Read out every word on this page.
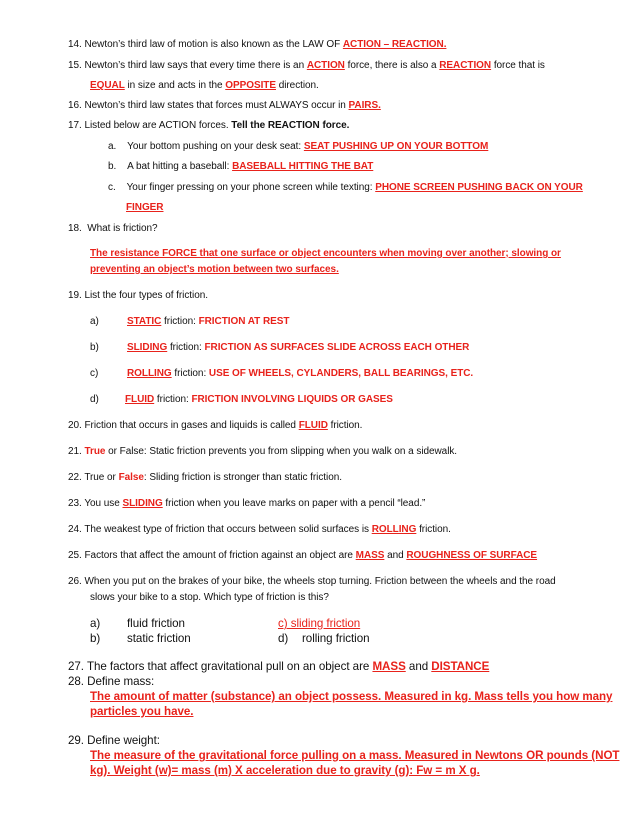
14. Newton’s third law of motion is also known as the LAW OF ACTION – REACTION.
15. Newton’s third law says that every time there is an ACTION force, there is also a REACTION force that is
EQUAL in size and acts in the OPPOSITE direction.
16. Newton’s third law states that forces must ALWAYS occur in PAIRS.
17. Listed below are ACTION forces. Tell the REACTION force.
a. Your bottom pushing on your desk seat: SEAT PUSHING UP ON YOUR BOTTOM
b. A bat hitting a baseball: BASEBALL HITTING THE BAT
c. Your finger pressing on your phone screen while texting: PHONE SCREEN PUSHING BACK ON YOUR
FINGER
18. What is friction?
The resistance FORCE that one surface or object encounters when moving over another; slowing or
preventing an object’s motion between two surfaces.
19. List the four types of friction.
a)	STATIC friction: FRICTION AT REST
b)	SLIDING friction: FRICTION AS SURFACES SLIDE ACROSS EACH OTHER
c)	ROLLING friction: USE OF WHEELS, CYLANDERS, BALL BEARINGS, ETC.
d)	FLUID friction: FRICTION INVOLVING LIQUIDS OR GASES
20. Friction that occurs in gases and liquids is called FLUID friction.
21. True or False: Static friction prevents you from slipping when you walk on a sidewalk.
22. True or False: Sliding friction is stronger than static friction.
23. You use SLIDING friction when you leave marks on paper with a pencil “lead.”
24. The weakest type of friction that occurs between solid surfaces is ROLLING friction.
25. Factors that affect the amount of friction against an object are MASS and ROUGHNESS OF SURFACE
26. When you put on the brakes of your bike, the wheels stop turning. Friction between the wheels and the road
slows your bike to a stop. Which type of friction is this?
a) fluid friction
b) static friction
c) sliding friction
d) rolling friction
27. The factors that affect gravitational pull on an object are MASS and DISTANCE
28. Define mass:
The amount of matter (substance) an object possess. Measured in kg. Mass tells you how many
particles you have.
29. Define weight:
The measure of the gravitational force pulling on a mass. Measured in Newtons OR pounds (NOT
kg). Weight (w)= mass (m) X acceleration due to gravity (g): Fw = m X g.
